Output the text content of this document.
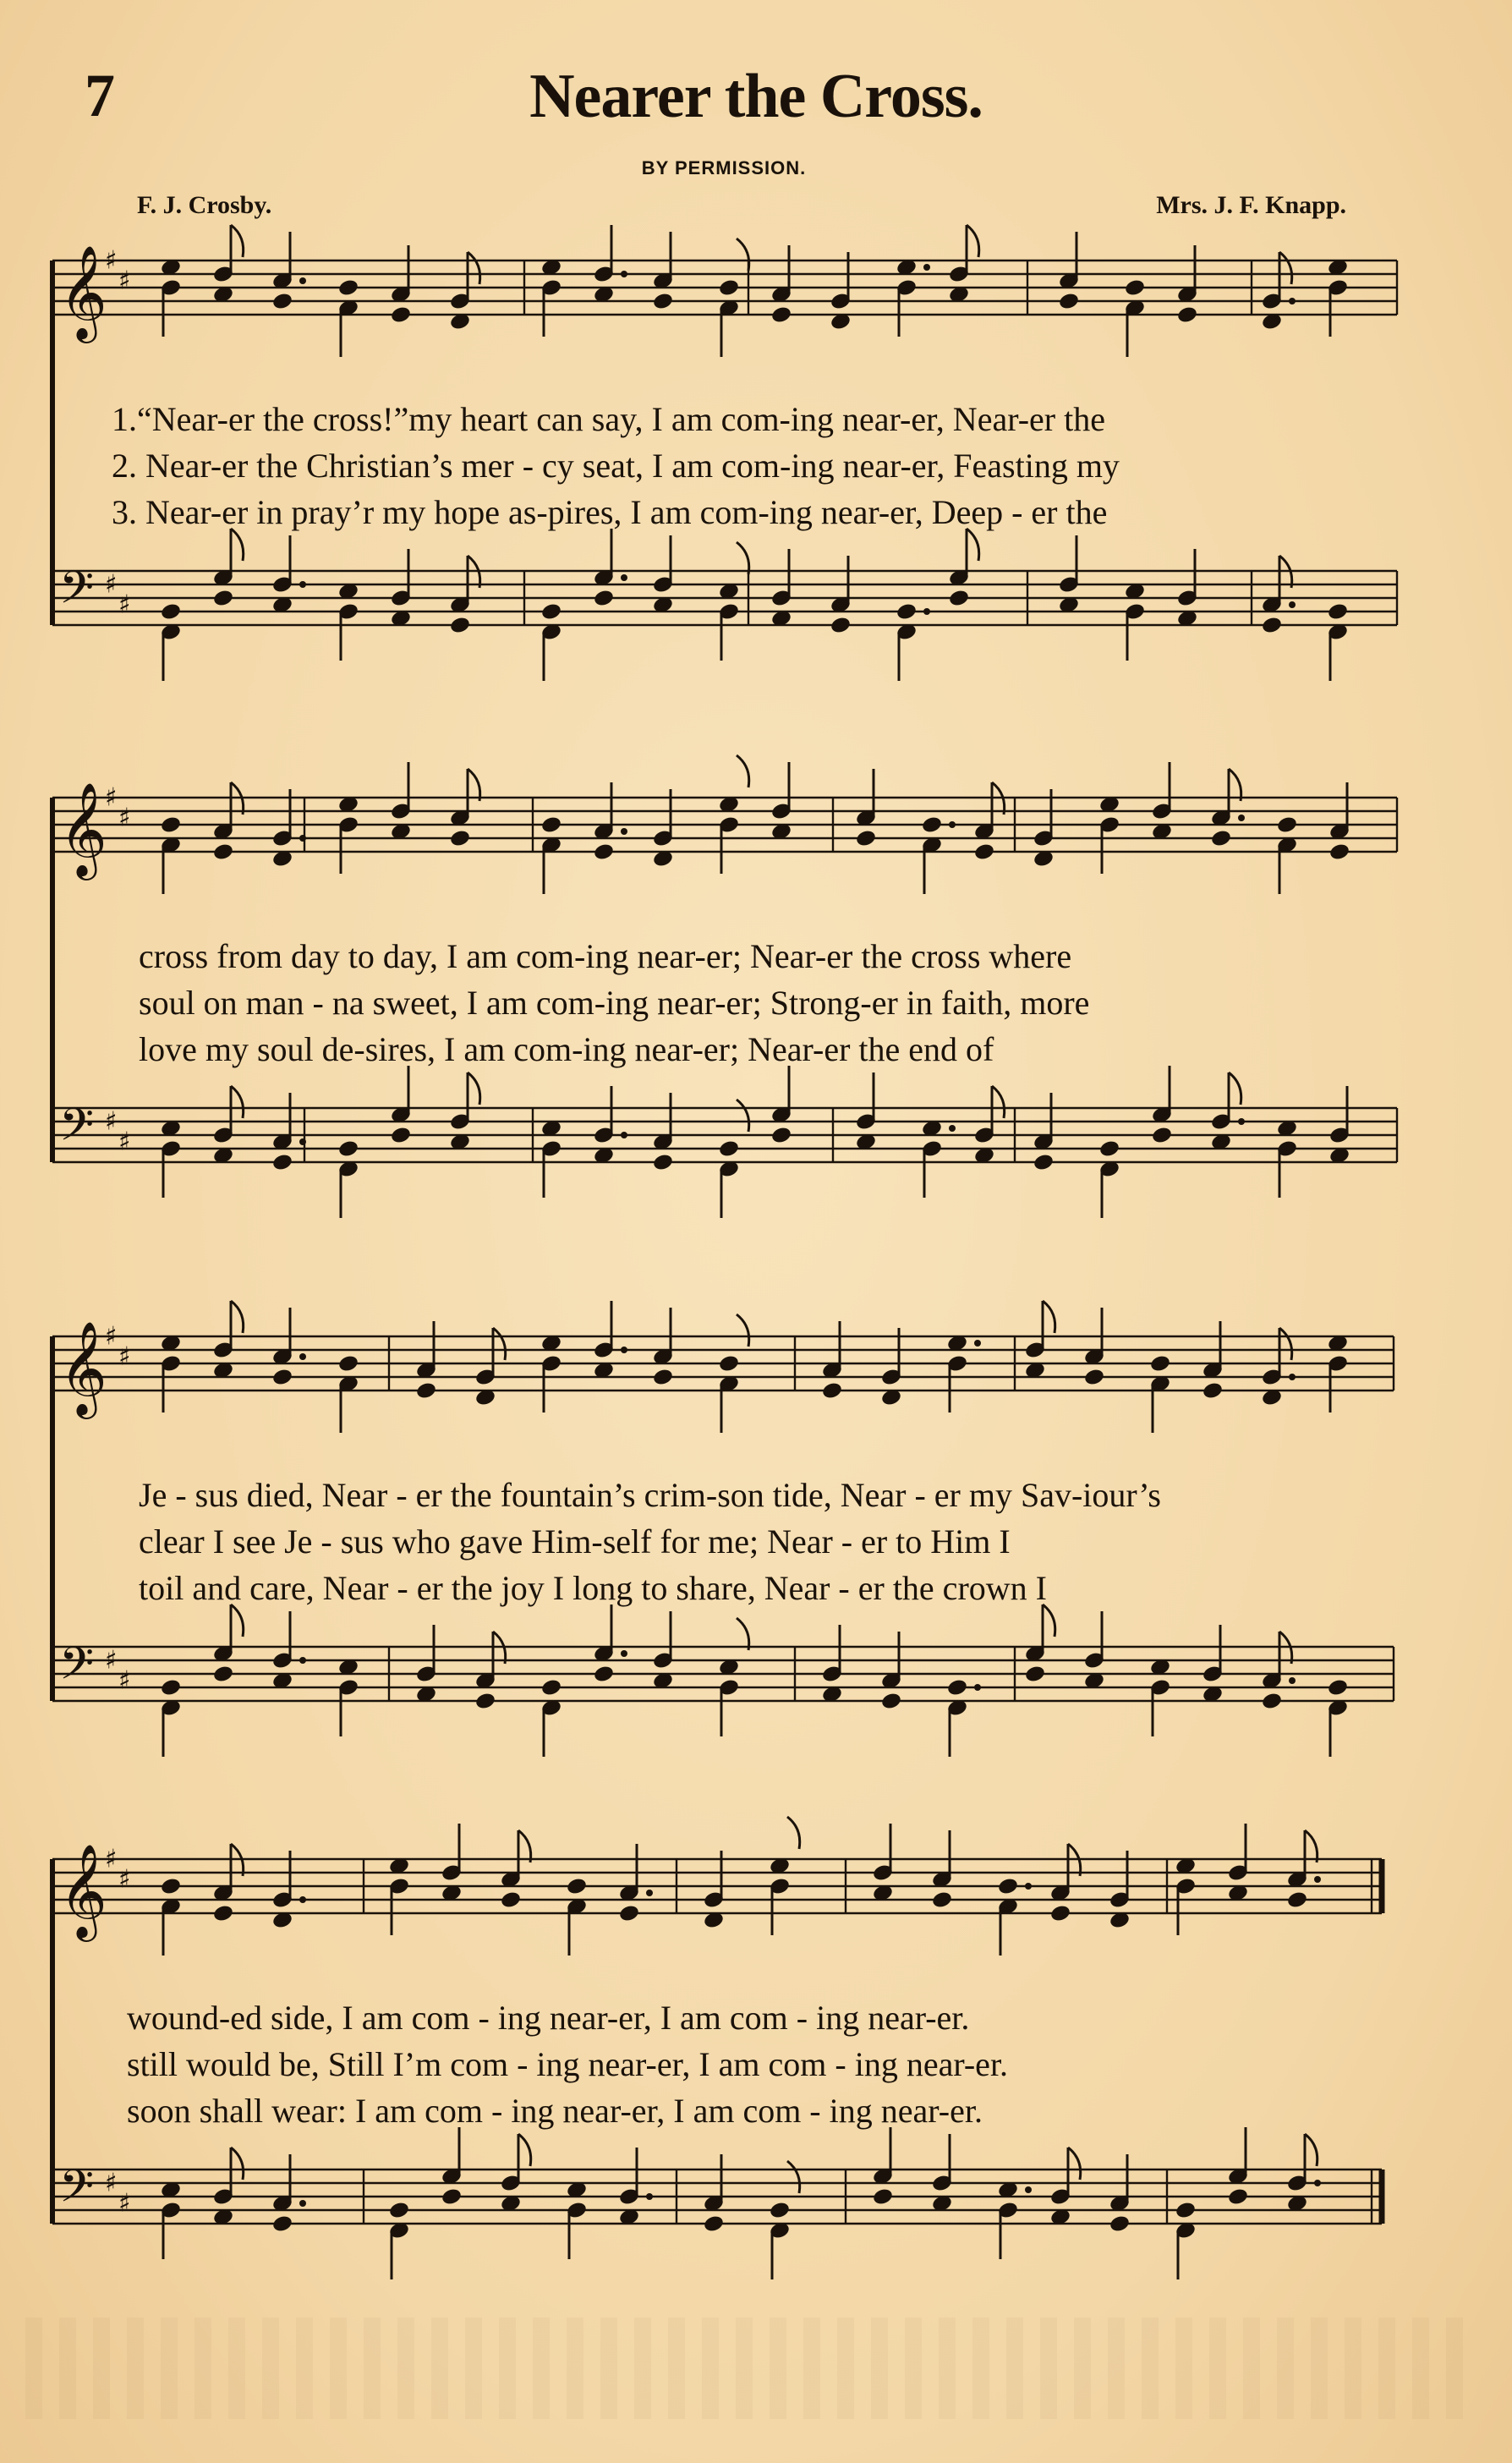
7	Nearer the Cross.
BY PERMISSION.
F. J. Crosby.	Mrs. J. F. Knapp.
𝄞
♯
♯
𝄢 ♯
♯
1.“Near-er the cross!”my heart can say, I am com-ing near-er, Near-er the
2. Near-er the Christian’s mer - cy seat, I am com-ing near-er, Feasting my
3. Near-er in pray’r my hope as-pires, I am com-ing near-er, Deep - er the
𝄞
♯
♯
𝄢 ♯
♯
cross from day to day, I am com-ing near-er; Near-er the cross where
soul on man - na sweet, I am com-ing near-er; Strong-er in faith, more
love my soul de-sires, I am com-ing near-er; Near-er the end of
𝄞
♯
♯
𝄢 ♯
♯
Je - sus died, Near - er the fountain’s crim-son tide, Near - er my Sav-iour’s
clear I see Je - sus who gave Him-self for me; Near - er to Him I
toil and care, Near - er the joy I long to share, Near - er the crown I
𝄞
♯
♯
𝄢 ♯
♯
wound-ed side, I am com - ing near-er, I am com - ing near-er.
still would be, Still I’m com - ing near-er, I am com - ing near-er.
soon shall wear: I am com - ing near-er, I am com - ing near-er.
